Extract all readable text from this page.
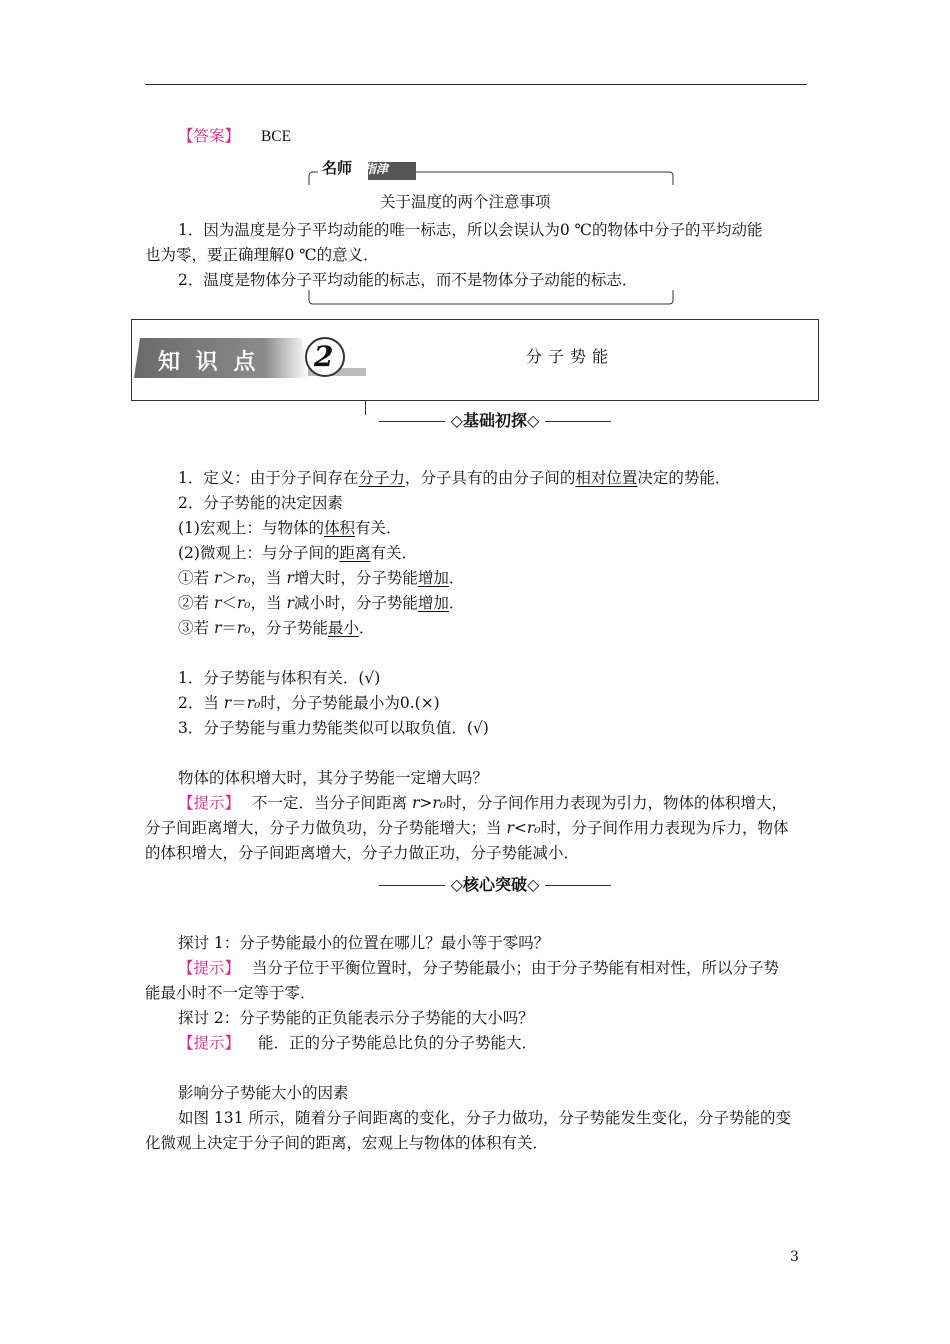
【答案】 BCE
名师 指津
关于温度的两个注意事项
1．因为温度是分子平均动能的唯一标志，所以会误认为0 ℃的物体中分子的平均动能
也为零，要正确理解0 ℃的意义．
2．温度是物体分子平均动能的标志，而不是物体分子动能的标志．
知 识 点 2	分子势能
◇基础初探◇
1．定义：由于分子间存在分子力，分子具有的由分子间的相对位置决定的势能．
2．分子势能的决定因素
(1)宏观上：与物体的体积有关．
(2)微观上：与分子间的距离有关．
①若 r＞r₀，当 r增大时，分子势能增加．
②若 r＜r₀，当 r减小时，分子势能增加．
③若 r＝r₀，分子势能最小．
1．分子势能与体积有关．(√)
2．当 r＝r₀时，分子势能最小为0.(×)
3．分子势能与重力势能类似可以取负值．(√)
物体的体积增大时，其分子势能一定增大吗？
【提示】 不一定．当分子间距离 r>r₀时，分子间作用力表现为引力，物体的体积增大，
分子间距离增大，分子力做负功，分子势能增大；当 r<r₀时，分子间作用力表现为斥力，物体
的体积增大，分子间距离增大，分子力做正功，分子势能减小．
◇核心突破◇
探讨 1：分子势能最小的位置在哪儿？最小等于零吗？
【提示】 当分子位于平衡位置时，分子势能最小；由于分子势能有相对性，所以分子势
能最小时不一定等于零．
探讨 2：分子势能的正负能表示分子势能的大小吗？
【提示】 能．正的分子势能总比负的分子势能大．
影响分子势能大小的因素
如图 131 所示，随着分子间距离的变化，分子力做功，分子势能发生变化，分子势能的变
化微观上决定于分子间的距离，宏观上与物体的体积有关．
3
